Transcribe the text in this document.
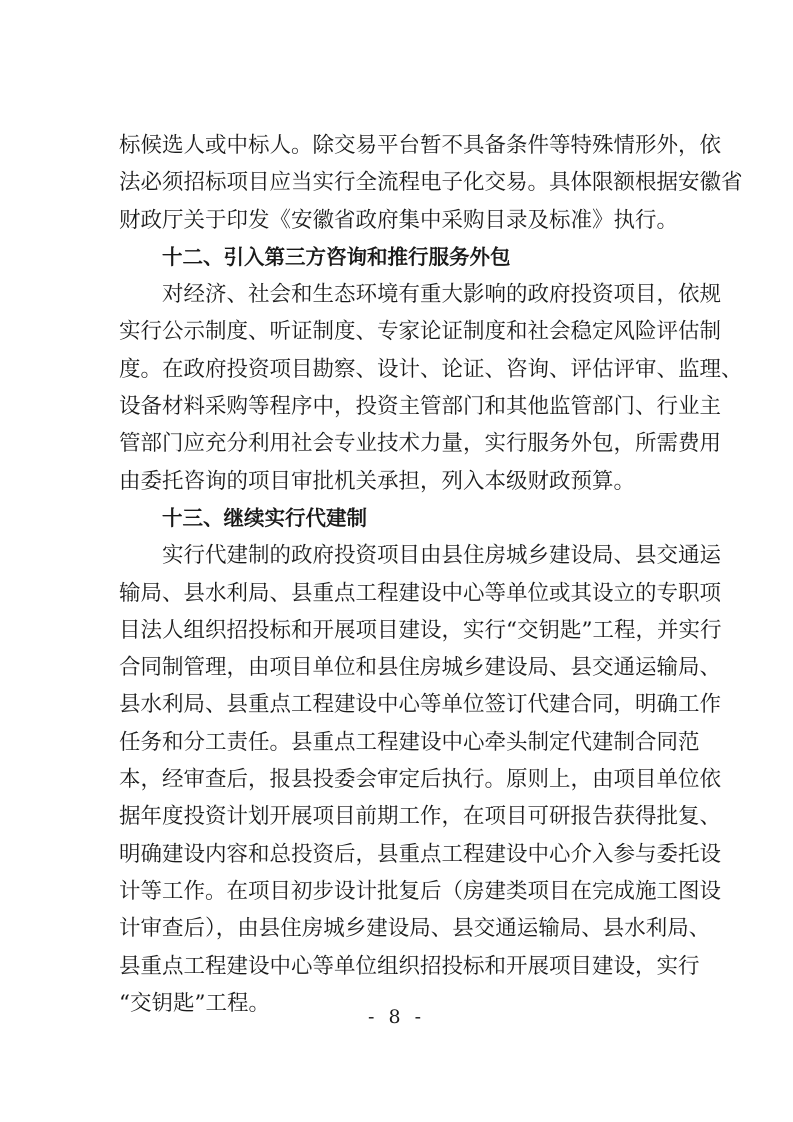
标候选人或中标人。除交易平台暂不具备条件等特殊情形外，依
法必须招标项目应当实行全流程电子化交易。具体限额根据安徽省
财政厅关于印发《安徽省政府集中采购目录及标准》执行。
十二、引入第三方咨询和推行服务外包
对经济、社会和生态环境有重大影响的政府投资项目，依规
实行公示制度、听证制度、专家论证制度和社会稳定风险评估制
度。在政府投资项目勘察、设计、论证、咨询、评估评审、监理、
设备材料采购等程序中，投资主管部门和其他监管部门、行业主
管部门应充分利用社会专业技术力量，实行服务外包，所需费用
由委托咨询的项目审批机关承担，列入本级财政预算。
十三、继续实行代建制
实行代建制的政府投资项目由县住房城乡建设局、县交通运
输局、县水利局、县重点工程建设中心等单位或其设立的专职项
目法人组织招投标和开展项目建设，实行“交钥匙”工程，并实行
合同制管理，由项目单位和县住房城乡建设局、县交通运输局、
县水利局、县重点工程建设中心等单位签订代建合同，明确工作
任务和分工责任。县重点工程建设中心牵头制定代建制合同范
本，经审查后，报县投委会审定后执行。原则上，由项目单位依
据年度投资计划开展项目前期工作，在项目可研报告获得批复、
明确建设内容和总投资后，县重点工程建设中心介入参与委托设
计等工作。在项目初步设计批复后（房建类项目在完成施工图设
计审查后），由县住房城乡建设局、县交通运输局、县水利局、
县重点工程建设中心等单位组织招投标和开展项目建设，实行
“交钥匙”工程。
- 8 -
